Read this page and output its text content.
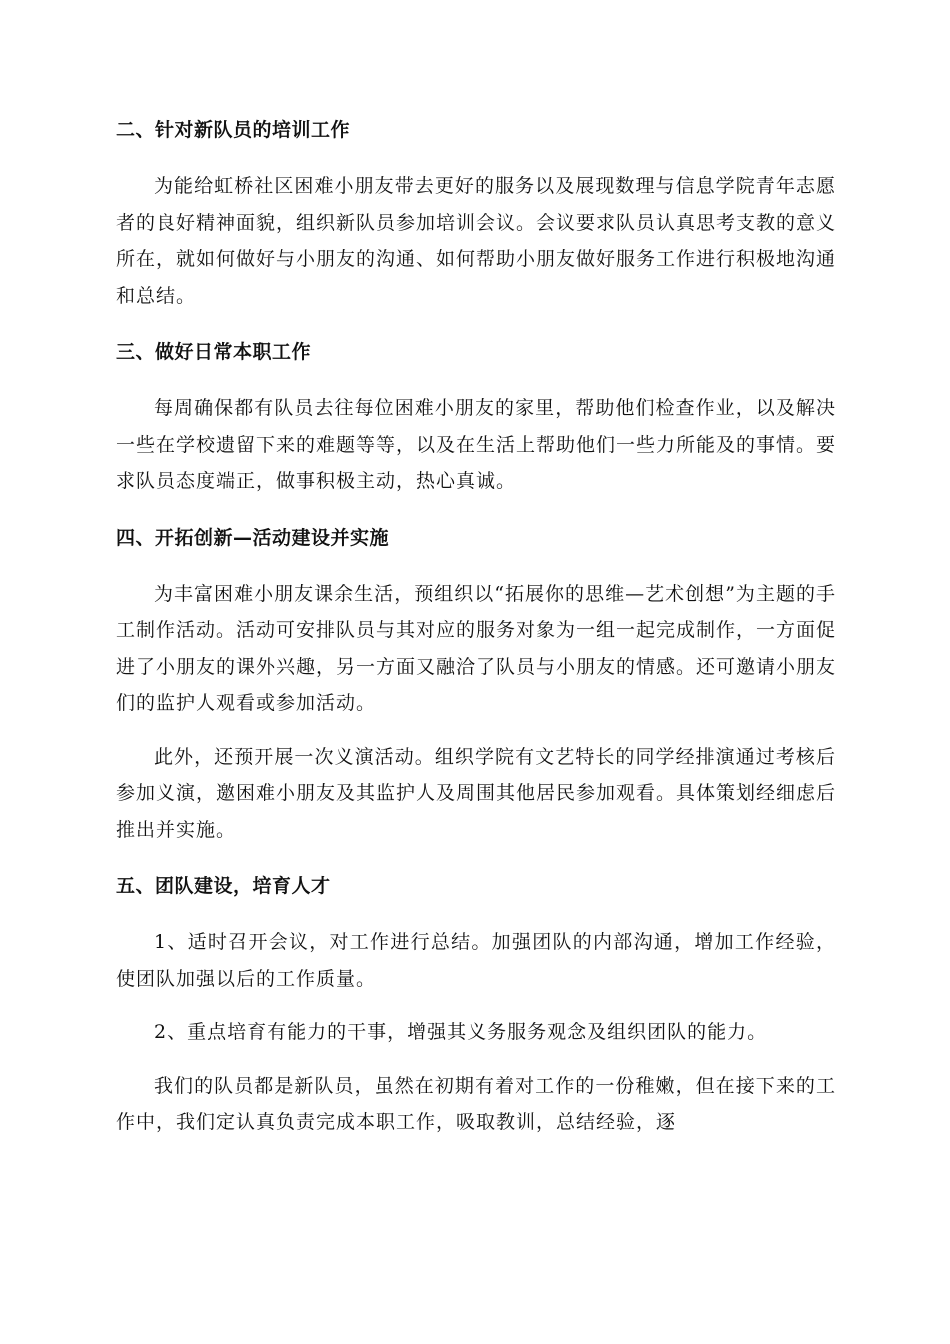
二、针对新队员的培训工作

为能给虹桥社区困难小朋友带去更好的服务以及展现数理与信息学院青年志愿者的良好精神面貌，组织新队员参加培训会议。会议要求队员认真思考支教的意义所在，就如何做好与小朋友的沟通、如何帮助小朋友做好服务工作进行积极地沟通和总结。

三、做好日常本职工作

每周确保都有队员去往每位困难小朋友的家里，帮助他们检查作业，以及解决一些在学校遗留下来的难题等等，以及在生活上帮助他们一些力所能及的事情。要求队员态度端正，做事积极主动，热心真诚。

四、开拓创新—活动建设并实施

为丰富困难小朋友课余生活，预组织以“拓展你的思维—艺术创想”为主题的手工制作活动。活动可安排队员与其对应的服务对象为一组一起完成制作，一方面促进了小朋友的课外兴趣，另一方面又融洽了队员与小朋友的情感。还可邀请小朋友们的监护人观看或参加活动。

此外，还预开展一次义演活动。组织学院有文艺特长的同学经排演通过考核后参加义演，邀困难小朋友及其监护人及周围其他居民参加观看。具体策划经细虑后推出并实施。

五、团队建设，培育人才

1、适时召开会议，对工作进行总结。加强团队的内部沟通，增加工作经验，使团队加强以后的工作质量。

2、重点培育有能力的干事，增强其义务服务观念及组织团队的能力。

我们的队员都是新队员，虽然在初期有着对工作的一份稚嫩，但在接下来的工作中，我们定认真负责完成本职工作，吸取教训，总结经验，逐
